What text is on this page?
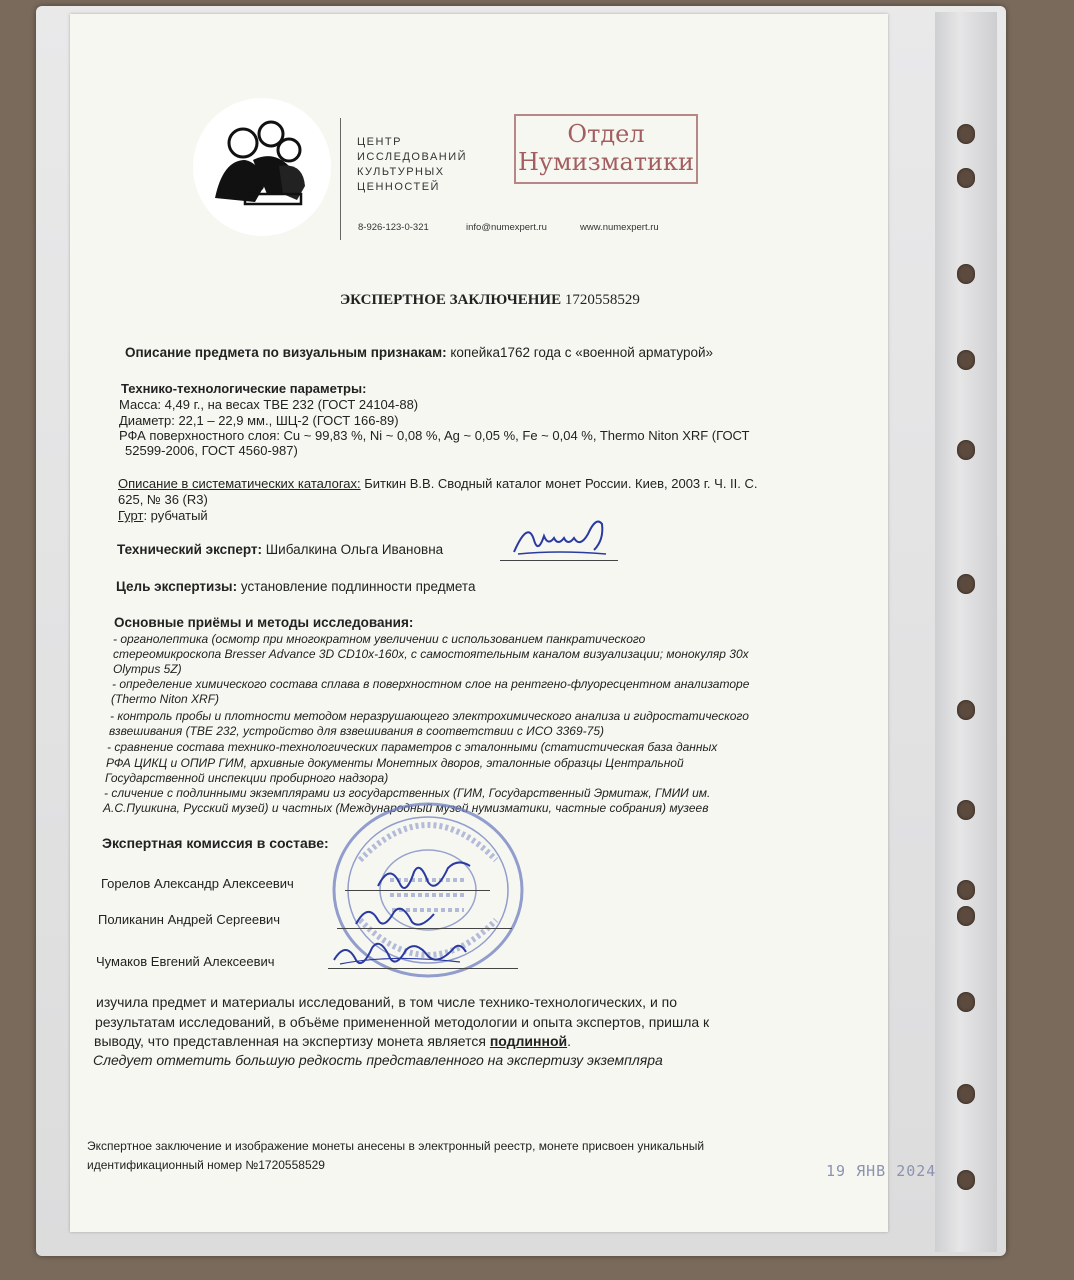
ЦЕНТР
ИССЛЕДОВАНИЙ
КУЛЬТУРНЫХ
ЦЕННОСТЕЙ
Отдел
Нумизматики
8-926-123-0-321	info@numexpert.ru	www.numexpert.ru
ЭКСПЕРТНОЕ ЗАКЛЮЧЕНИЕ 1720558529
Описание предмета по визуальным признакам: копейка1762 года с «военной арматурой»
Технико-технологические параметры:
Масса: 4,49 г., на весах ТВЕ 232 (ГОСТ 24104-88)
Диаметр: 22,1 – 22,9 мм., ШЦ-2 (ГОСТ 166-89)
РФА поверхностного слоя: Cu ~ 99,83 %, Ni ~ 0,08 %, Ag ~ 0,05 %, Fe ~ 0,04 %, Thermo Niton XRF (ГОСТ
52599-2006, ГОСТ 4560-987)
Описание в систематических каталогах: Биткин В.В. Сводный каталог монет России. Киев, 2003 г. Ч. II. С.
625, № 36 (R3)
Гурт: рубчатый
Технический эксперт: Шибалкина Ольга Ивановна
Цель экспертизы: установление подлинности предмета
Основные приёмы и методы исследования:
- органолептика (осмотр при многократном увеличении с использованием панкратического
стереомикроскопа Bresser Advance 3D CD10x-160x, с самостоятельным каналом визуализации; монокуляр 30x
Olympus 5Z)
- определение химического состава сплава в поверхностном слое на рентгено-флуоресцентном анализаторе
(Thermo Niton XRF)
- контроль пробы и плотности методом неразрушающего электрохимического анализа и гидростатического
взвешивания (ТВЕ 232, устройство для взвешивания в соответствии с ИСО 3369-75)
- сравнение состава технико-технологических параметров с эталонными (статистическая база данных
РФА ЦИКЦ и ОПИР ГИМ, архивные документы Монетных дворов, эталонные образцы Центральной
Государственной инспекции пробирного надзора)
- сличение с подлинными экземплярами из государственных (ГИМ, Государственный Эрмитаж, ГМИИ им.
А.С.Пушкина, Русский музей) и частных (Международный музей нумизматики, частные собрания) музеев
Экспертная комиссия в составе:
Горелов Александр Алексеевич
Поликанин Андрей Сергеевич
Чумаков Евгений Алексеевич
изучила предмет и материалы исследований, в том числе технико-технологических, и по
результатам исследований, в объёме примененной методологии и опыта экспертов, пришла к
выводу, что представленная на экспертизу монета является подлинной.
Следует отметить большую редкость представленного на экспертизу экземпляра
Экспертное заключение и изображение монеты анесены в электронный реестр, монете присвоен уникальный
идентификационный номер №1720558529	19 ЯНВ 2024
